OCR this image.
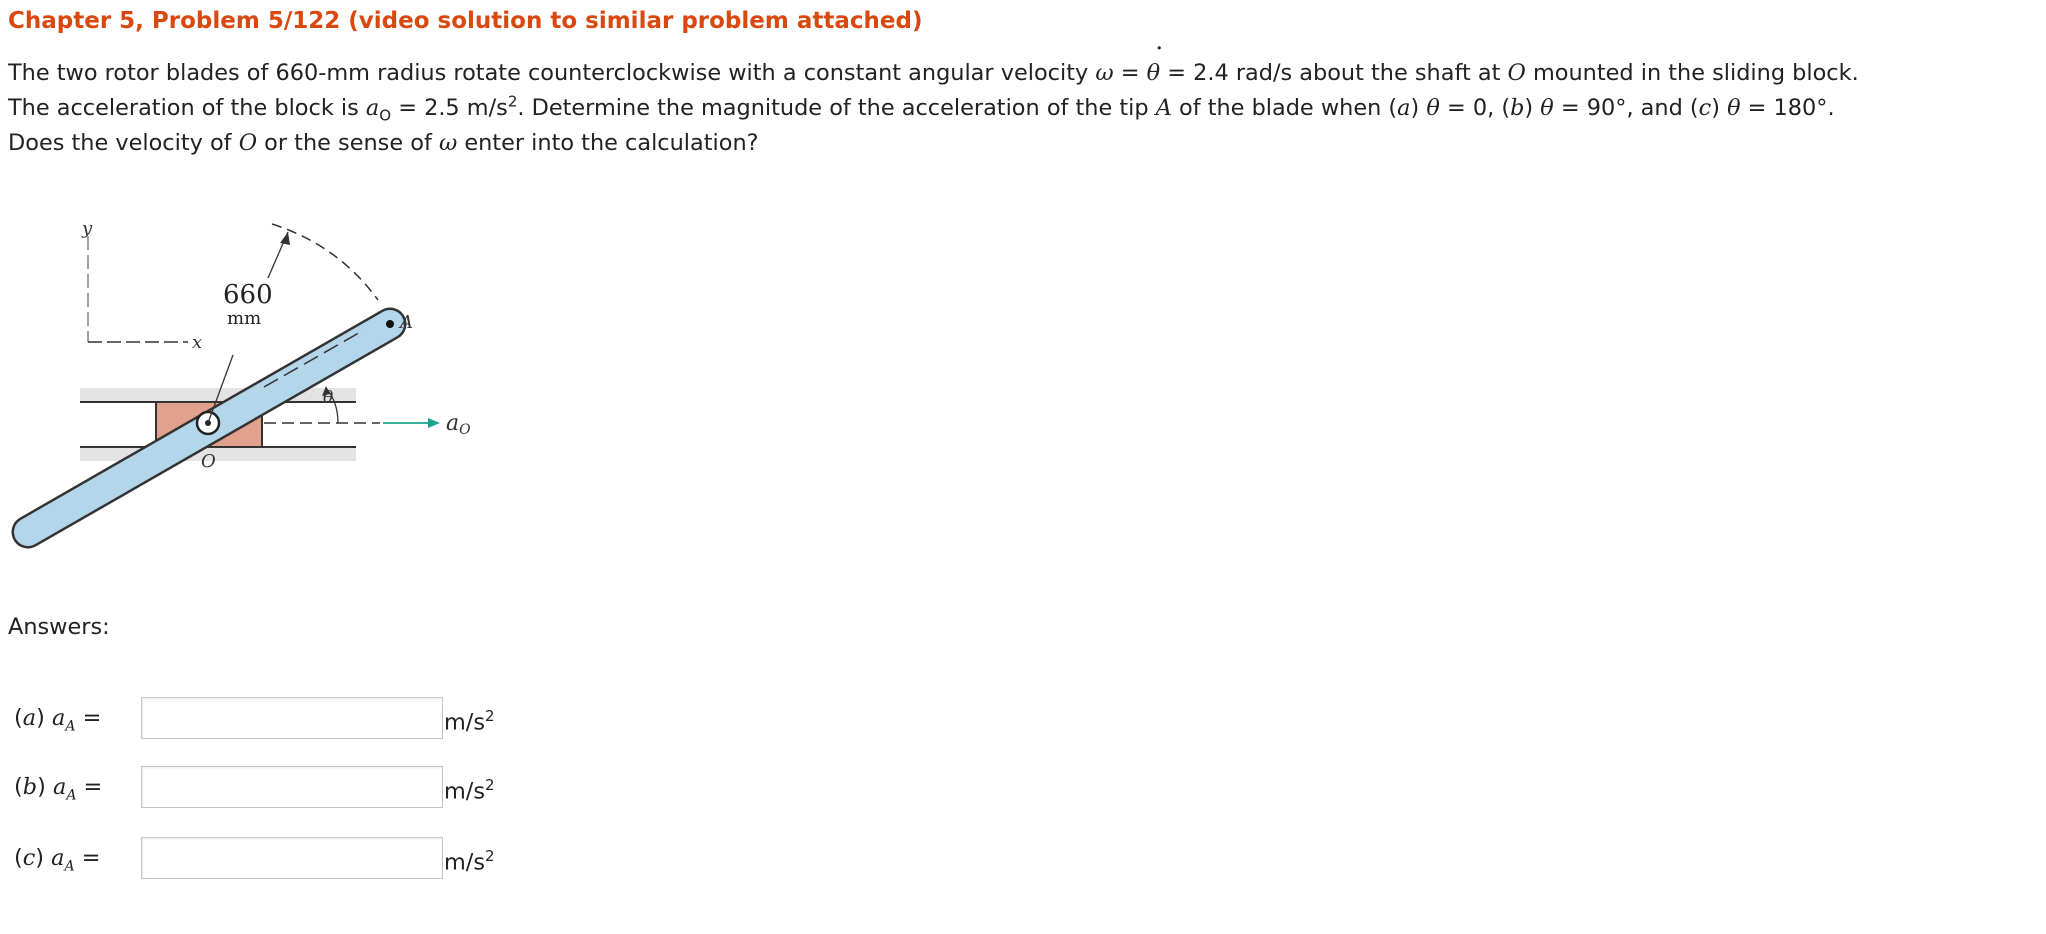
Chapter 5, Problem 5/122 (video solution to similar problem attached)
The two rotor blades of 660-mm radius rotate counterclockwise with a constant angular velocity ω = θ
˙
= 2.4 rad/s about the shaft at O mounted in the sliding block.
The acceleration of the block is $a_O = 2.5$ $m/s^2$. Determine the magnitude of the acceleration of the tip A of the blade when (a) θ = 0, (b) θ = 90°, and (c) θ = 180°.
Does the velocity of O or the sense of ω enter into the calculation?
y
x
A
660
mm
θ
O
aO
Answers:
(a) $a_A$ =	$m/s^2$
(b) $a_A$ =	$m/s^2$
(c) $a_A$ =	$m/s^2$
